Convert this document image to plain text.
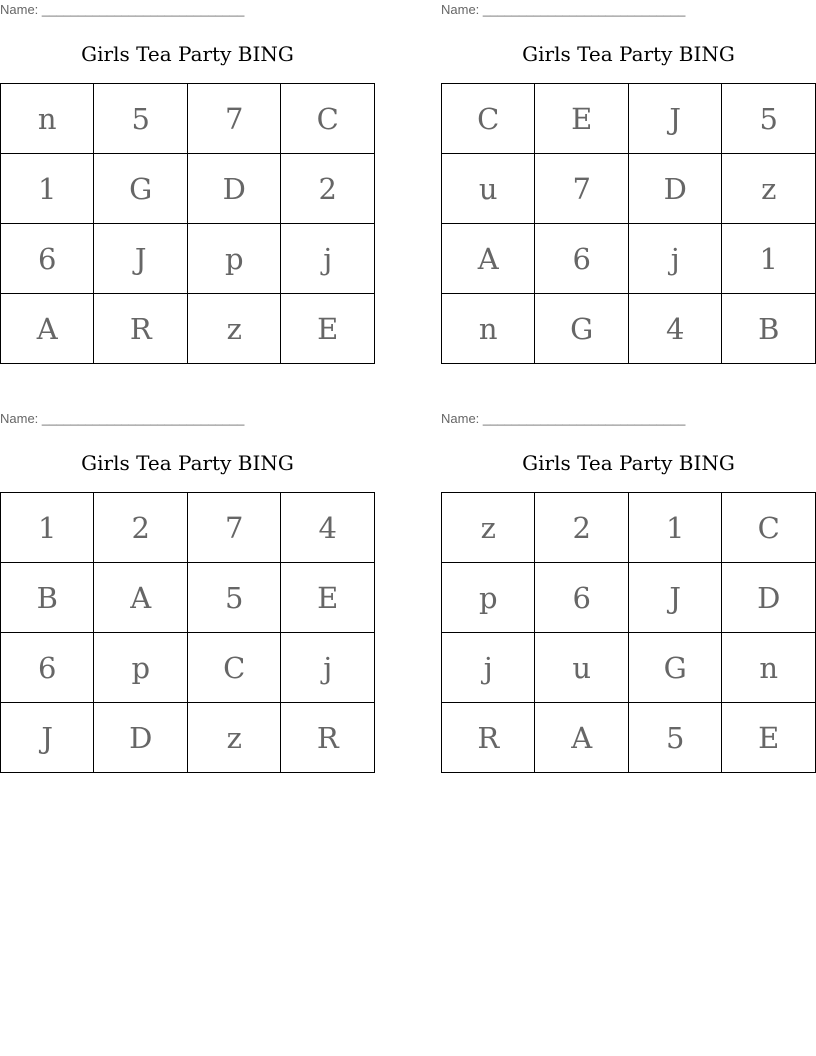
Name: ____________________________
Girls Tea Party BING
n	5	7	C
1	G	D	2
6	J	p	j
A	R	z	E
Name: ____________________________
Girls Tea Party BING
C	E	J	5
u	7	D	z
A	6	j	1
n	G	4	B
Name: ____________________________
Girls Tea Party BING
1	2	7	4
B	A	5	E
6	p	C	j
J	D	z	R
Name: ____________________________
Girls Tea Party BING
z	2	1	C
p	6	J	D
j	u	G	n
R	A	5	E
